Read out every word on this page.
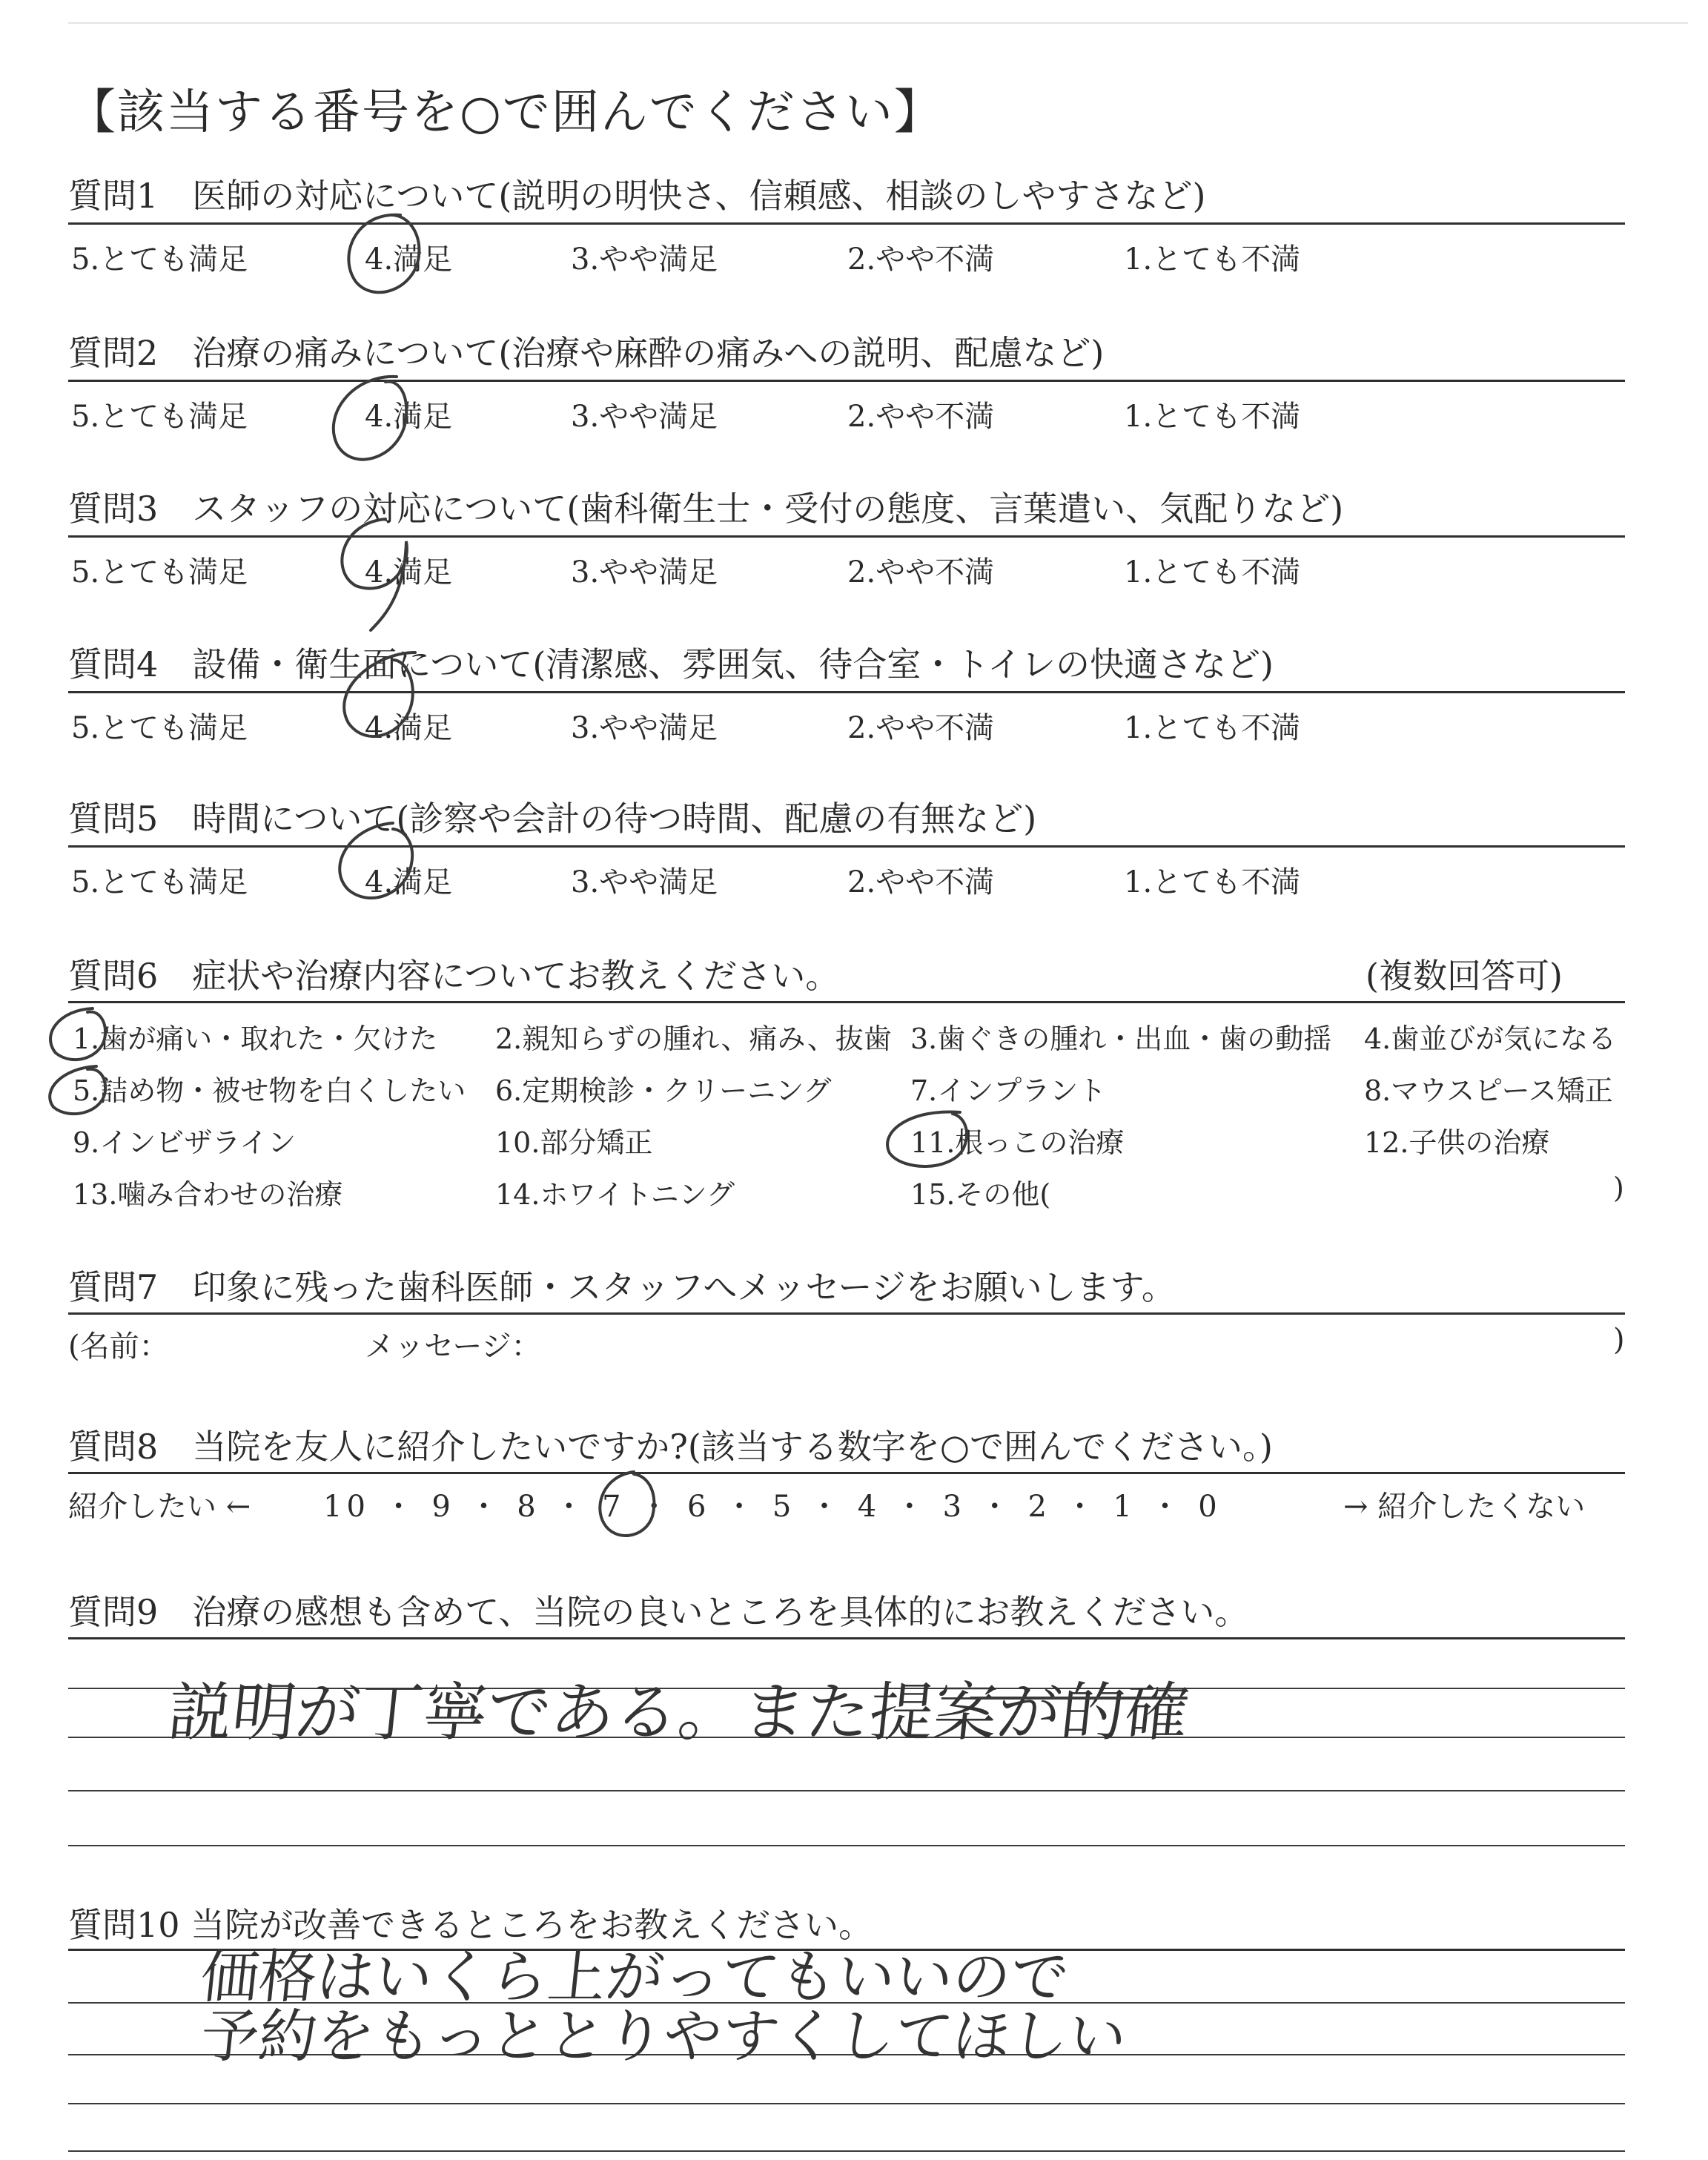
【該当する番号を○で囲んでください】
質問1　医師の対応について(説明の明快さ、信頼感、相談のしやすさなど)
5.とても満足	4.満足	3.やや満足	2.やや不満	1.とても不満
質問2　治療の痛みについて(治療や麻酔の痛みへの説明、配慮など)
5.とても満足	4.満足	3.やや満足	2.やや不満	1.とても不満
質問3　スタッフの対応について(歯科衛生士・受付の態度、言葉遣い、気配りなど)
5.とても満足	4.満足	3.やや満足	2.やや不満	1.とても不満
質問4　設備・衛生面について(清潔感、雰囲気、待合室・トイレの快適さなど)
5.とても満足	4.満足	3.やや満足	2.やや不満	1.とても不満
質問5　時間について(診察や会計の待つ時間、配慮の有無など)
5.とても満足	4.満足	3.やや満足	2.やや不満	1.とても不満
質問6　症状や治療内容についてお教えください。	(複数回答可)
1.歯が痛い・取れた・欠けた 2.親知らずの腫れ、痛み、抜歯 3.歯ぐきの腫れ・出血・歯の動揺 4.歯並びが気になる
5.詰め物・被せ物を白くしたい 6.定期検診・クリーニング	7.インプラント	8.マウスピース矯正
9.インビザライン	10.部分矯正	11.根っこの治療	12.子供の治療
13.噛み合わせの治療	14.ホワイトニング	15.その他(	)
質問7　印象に残った歯科医師・スタッフへメッセージをお願いします。
(名前：	メッセージ：	)
質問8　当院を友人に紹介したいですか?(該当する数字を○で囲んでください。)
紹介したい ← 10 ・ 9 ・ 8 ・ 7 ・ 6 ・ 5 ・ 4 ・ 3 ・ 2 ・ 1 ・ 0	→ 紹介したくない
質問9　治療の感想も含めて、当院の良いところを具体的にお教えください。
説明が丁寧である。また提案が的確
質問10 当院が改善できるところをお教えください。
価格はいくら上がってもいいので
予約をもっととりやすくしてほしい
